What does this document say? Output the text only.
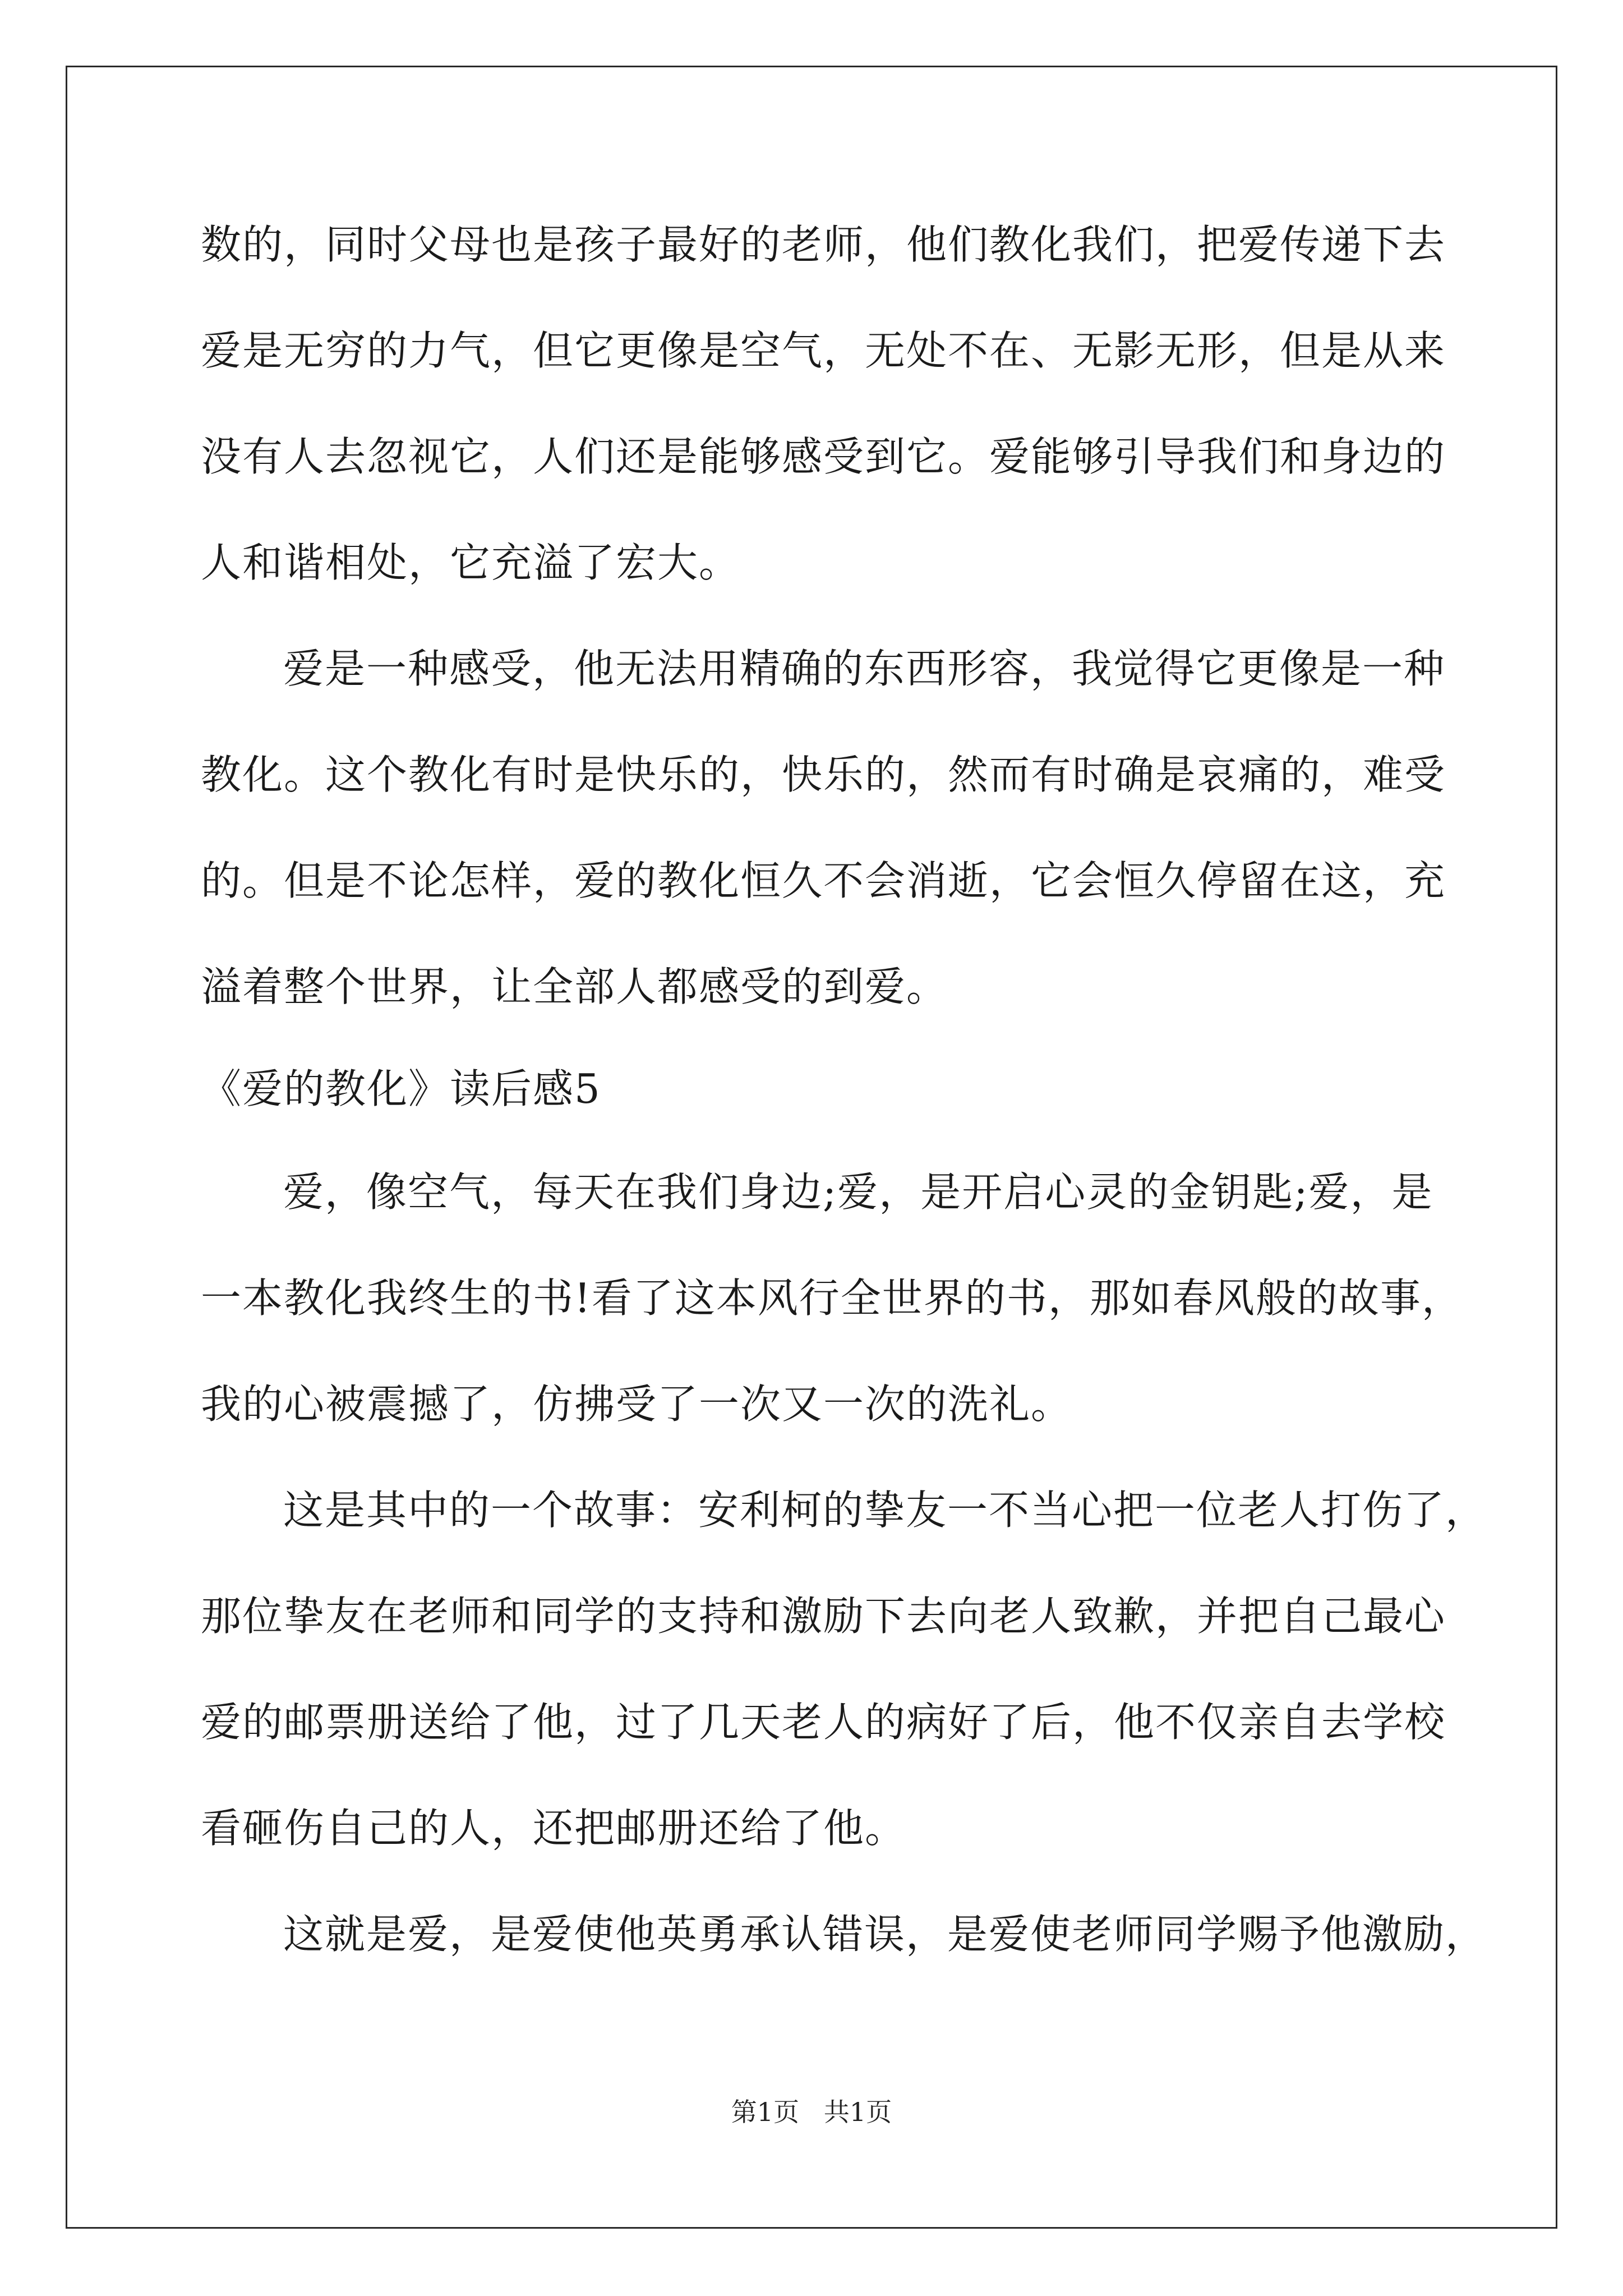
数的，同时父母也是孩子最好的老师，他们教化我们，把爱传递下去

爱是无穷的力气，但它更像是空气，无处不在、无影无形，但是从来

没有人去忽视它，人们还是能够感受到它。爱能够引导我们和身边的

人和谐相处，它充溢了宏大。

爱是一种感受，他无法用精确的东西形容，我觉得它更像是一种

教化。这个教化有时是快乐的，快乐的，然而有时确是哀痛的，难受

的。但是不论怎样，爱的教化恒久不会消逝，它会恒久停留在这，充

溢着整个世界，让全部人都感受的到爱。

《爱的教化》读后感5

爱，像空气，每天在我们身边;爱，是开启心灵的金钥匙;爱，是

一本教化我终生的书!看了这本风行全世界的书，那如春风般的故事，

我的心被震撼了，仿拂受了一次又一次的洗礼。

这是其中的一个故事：安利柯的挚友一不当心把一位老人打伤了，

那位挚友在老师和同学的支持和激励下去向老人致歉，并把自己最心

爱的邮票册送给了他，过了几天老人的病好了后，他不仅亲自去学校

看砸伤自己的人，还把邮册还给了他。

这就是爱，是爱使他英勇承认错误，是爱使老师同学赐予他激励，

第1页   共1页
